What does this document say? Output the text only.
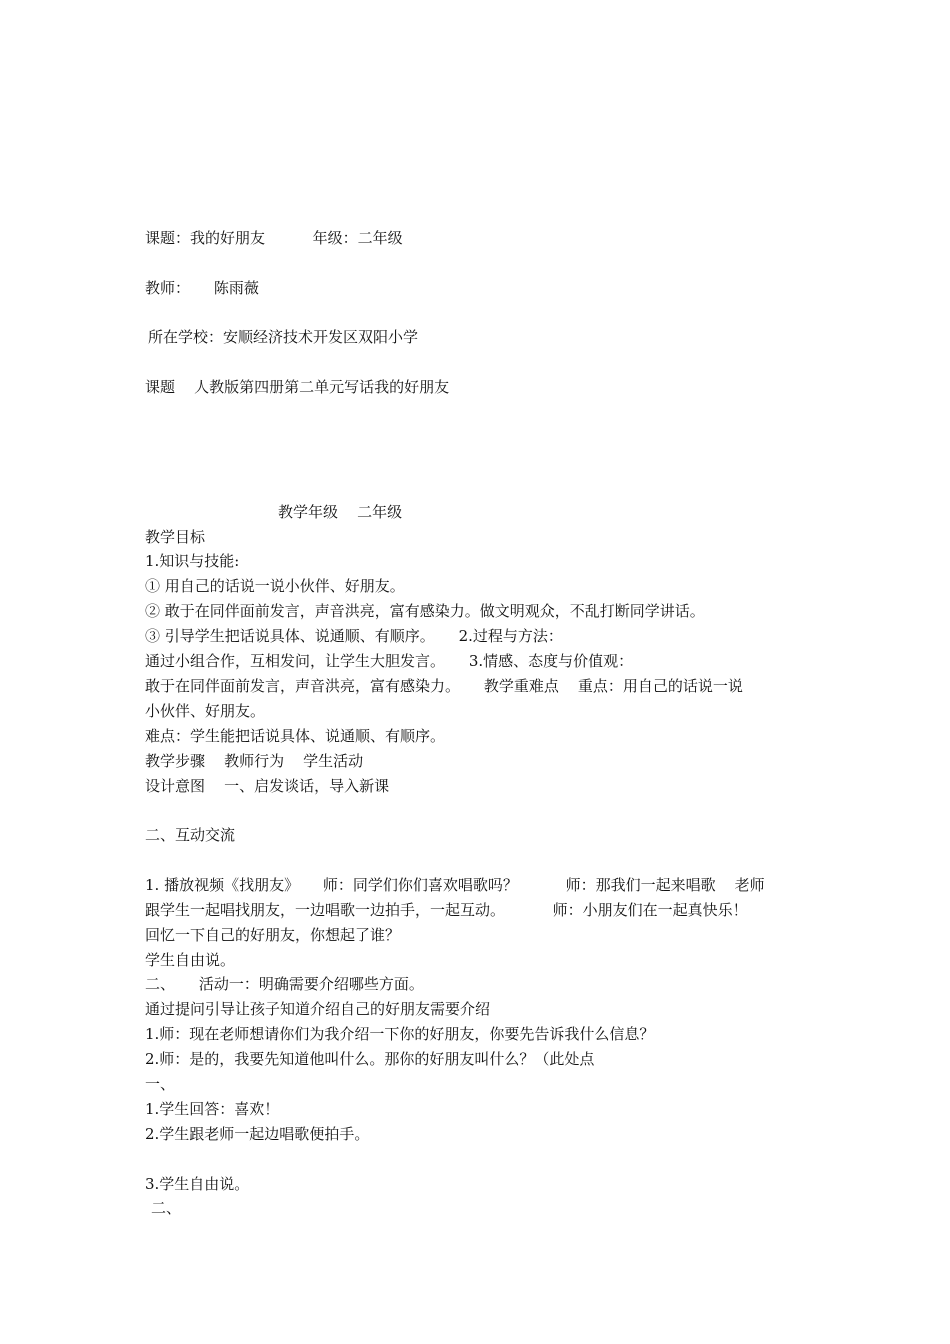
课题：我的好朋友          年级：二年级
教师：     陈雨薇
所在学校：安顺经济技术开发区双阳小学
课题    人教版第四册第二单元写话我的好朋友
教学年级    二年级
教学目标
1.知识与技能:
① 用自己的话说一说小伙伴、好朋友。
② 敢于在同伴面前发言，声音洪亮，富有感染力。做文明观众，不乱打断同学讲话。
③ 引导学生把话说具体、说通顺、有顺序。     2.过程与方法：
通过小组合作，互相发问，让学生大胆发言。     3.情感、态度与价值观：
敢于在同伴面前发言，声音洪亮，富有感染力。     教学重难点    重点：用自己的话说一说
小伙伴、好朋友。
难点：学生能把话说具体、说通顺、有顺序。
教学步骤    教师行为    学生活动
设计意图    一、启发谈话，导入新课
二、互动交流
1. 播放视频《找朋友》     师：同学们你们喜欢唱歌吗？          师：那我们一起来唱歌    老师
跟学生一起唱找朋友，一边唱歌一边拍手，一起互动。          师：小朋友们在一起真快乐！
回忆一下自己的好朋友，你想起了谁？
学生自由说。
二、     活动一：明确需要介绍哪些方面。
通过提问引导让孩子知道介绍自己的好朋友需要介绍
1.师：现在老师想请你们为我介绍一下你的好朋友，你要先告诉我什么信息？
2.师：是的，我要先知道他叫什么。那你的好朋友叫什么？（此处点
一、
1.学生回答：喜欢！
2.学生跟老师一起边唱歌便拍手。
3.学生自由说。
二、
